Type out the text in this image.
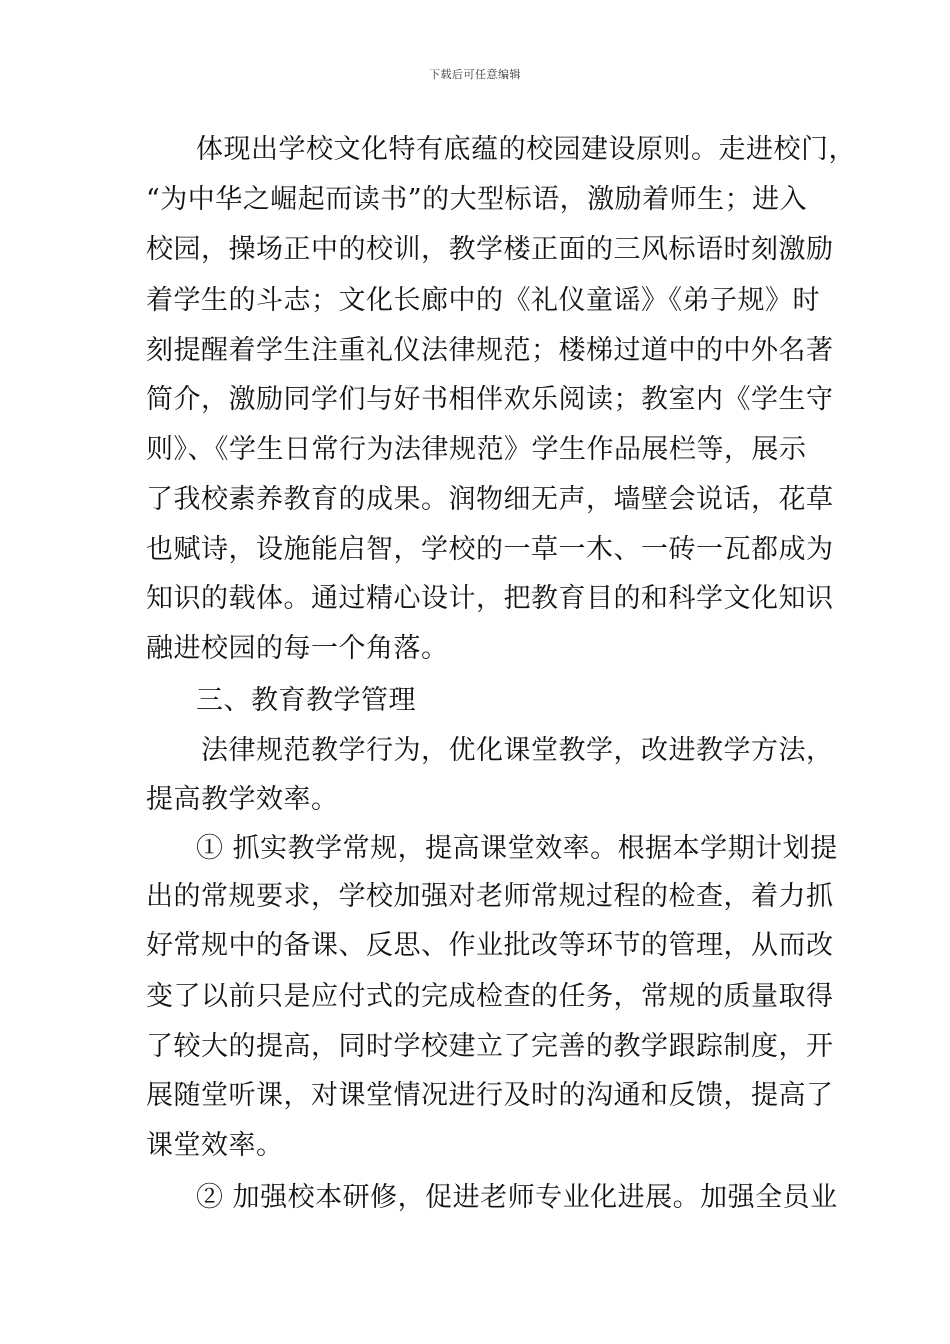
下载后可任意编辑
体现出学校文化特有底蕴的校园建设原则。走进校门，
“为中华之崛起而读书”的大型标语，激励着师生；进入
校园，操场正中的校训，教学楼正面的三风标语时刻激励
着学生的斗志；文化长廊中的《礼仪童谣》《弟子规》时
刻提醒着学生注重礼仪法律规范；楼梯过道中的中外名著
简介，激励同学们与好书相伴欢乐阅读；教室内《学生守
则》、《学生日常行为法律规范》学生作品展栏等，展示
了我校素养教育的成果。润物细无声，墙壁会说话，花草
也赋诗，设施能启智，学校的一草一木、一砖一瓦都成为
知识的载体。通过精心设计，把教育目的和科学文化知识
融进校园的每一个角落。
三、教育教学管理
法律规范教学行为，优化课堂教学，改进教学方法，
提高教学效率。
① 抓实教学常规，提高课堂效率。根据本学期计划提
出的常规要求，学校加强对老师常规过程的检查，着力抓
好常规中的备课、反思、作业批改等环节的管理，从而改
变了以前只是应付式的完成检查的任务，常规的质量取得
了较大的提高，同时学校建立了完善的教学跟踪制度，开
展随堂听课，对课堂情况进行及时的沟通和反馈，提高了
课堂效率。
② 加强校本研修，促进老师专业化进展。加强全员业
